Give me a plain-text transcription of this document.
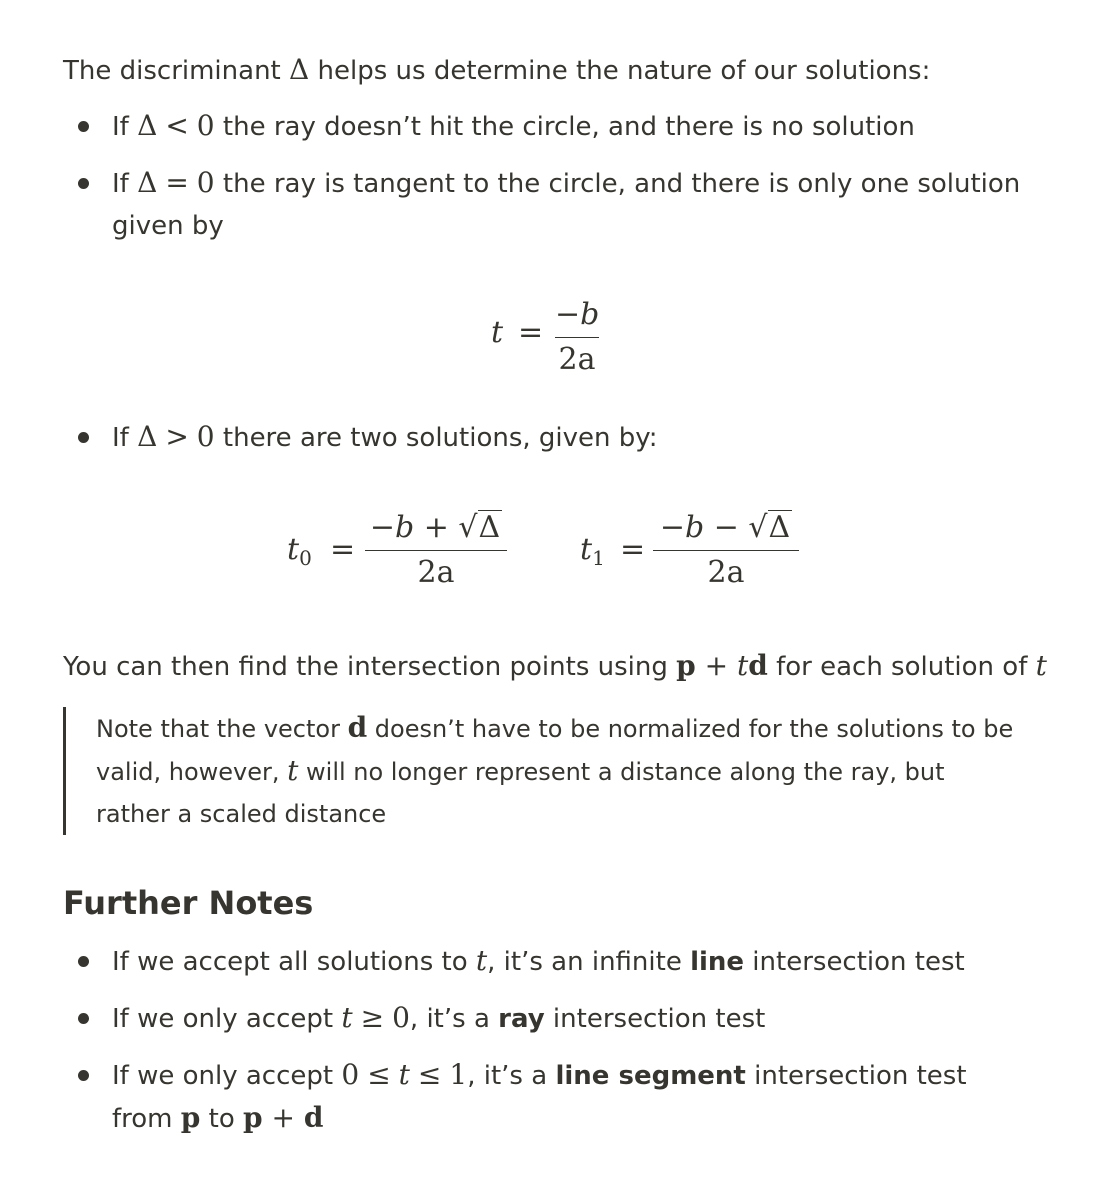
The discriminant Δ helps us determine the nature of our solutions:
If Δ < 0 the ray doesn’t hit the circle, and there is no solution
If Δ = 0 the ray is tangent to the circle, and there is only one solution given by
t =
−b
2a
If Δ > 0 there are two solutions, given by:
$t_0$ =
−b + √Δ
2a
$t_1$ =
−b − √Δ
2a
You can then find the intersection points using p + td for each solution of t
Note that the vector d doesn’t have to be normalized for the solutions to be valid, however, t will no longer represent a distance along the ray, but rather a scaled distance
Further Notes
If we accept all solutions to t, it’s an infinite line intersection test
If we only accept t ≥ 0, it’s a ray intersection test
If we only accept 0 ≤ t ≤ 1, it’s a line segment intersection test
from p to p + d
